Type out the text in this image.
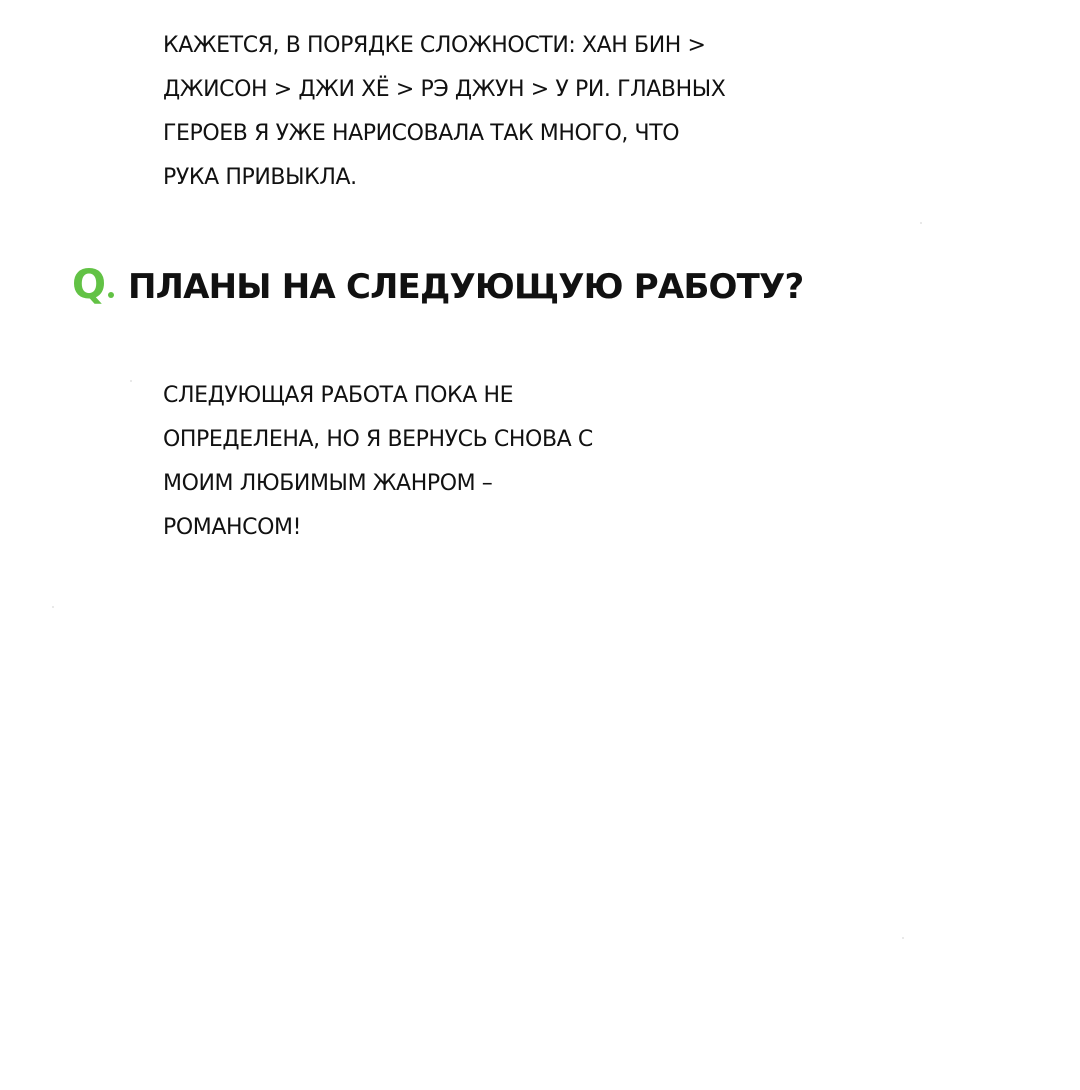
КАЖЕТСЯ, В ПОРЯДКЕ СЛОЖНОСТИ: ХАН БИН >
ДЖИСОН > ДЖИ ХЁ > РЭ ДЖУН > У РИ. ГЛАВНЫХ
ГЕРОЕВ Я УЖЕ НАРИСОВАЛА ТАК МНОГО, ЧТО
РУКА ПРИВЫКЛА.
Q ПЛАНЫ НА СЛЕДУЮЩУЮ РАБОТУ?
СЛЕДУЮЩАЯ РАБОТА ПОКА НЕ
ОПРЕДЕЛЕНА, НО Я ВЕРНУСЬ СНОВА С
МОИМ ЛЮБИМЫМ ЖАНРОМ –
РОМАНСОМ!
